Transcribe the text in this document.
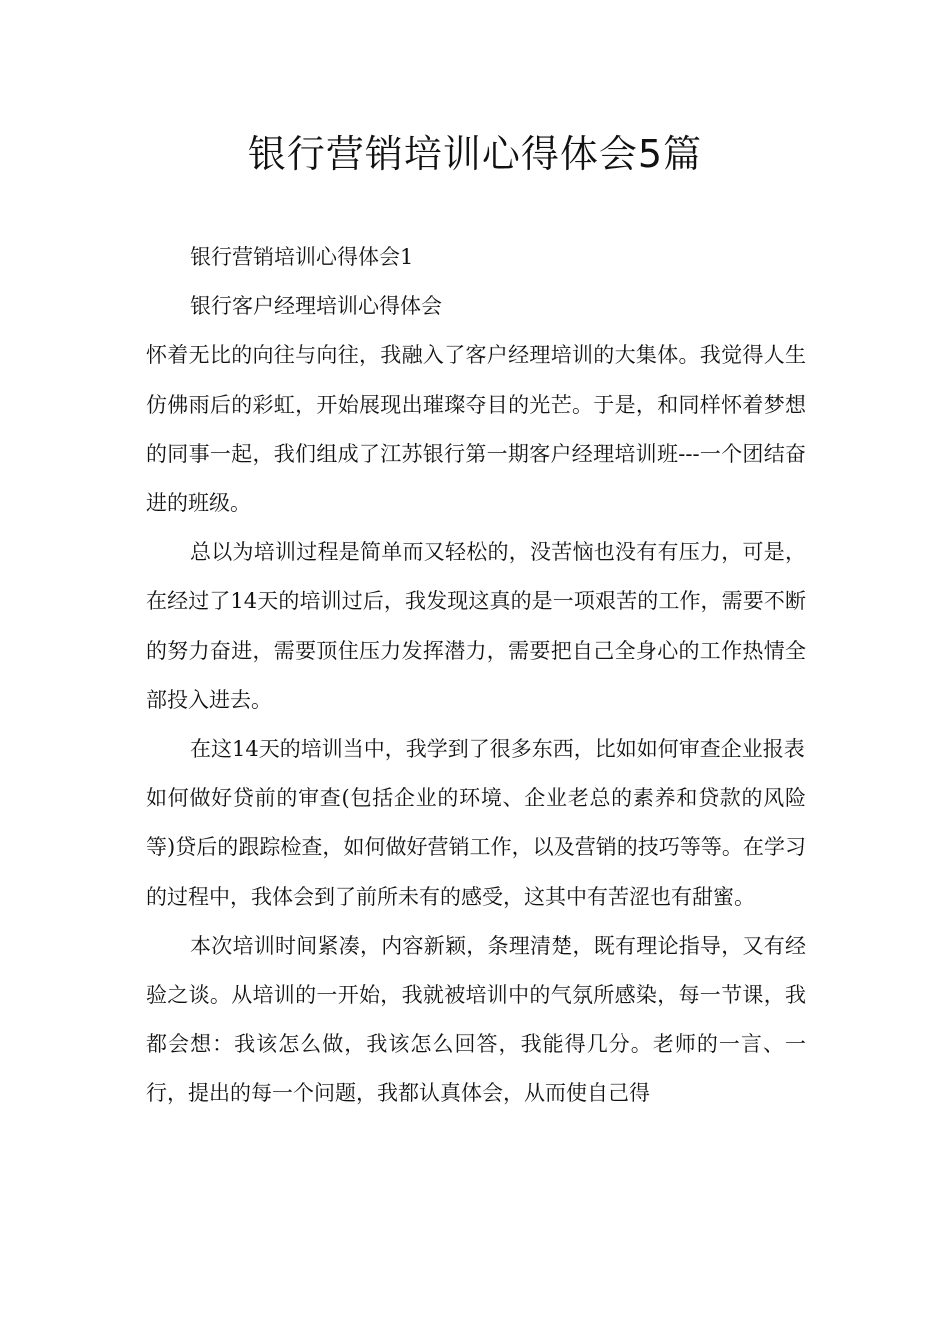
银行营销培训心得体会5篇

银行营销培训心得体会1

银行客户经理培训心得体会

怀着无比的向往与向往，我融入了客户经理培训的大集体。我觉得人生仿佛雨后的彩虹，开始展现出璀璨夺目的光芒。于是，和同样怀着梦想的同事一起，我们组成了江苏银行第一期客户经理培训班---一个团结奋进的班级。

总以为培训过程是简单而又轻松的，没苦恼也没有有压力，可是，在经过了14天的培训过后，我发现这真的是一项艰苦的工作，需要不断的努力奋进，需要顶住压力发挥潜力，需要把自己全身心的工作热情全部投入进去。

在这14天的培训当中，我学到了很多东西，比如如何审查企业报表

如何做好贷前的审查(包括企业的环境、企业老总的素养和贷款的风险等)贷后的跟踪检查，如何做好营销工作，以及营销的技巧等等。在学习的过程中，我体会到了前所未有的感受，这其中有苦涩也有甜蜜。

本次培训时间紧凑，内容新颖，条理清楚，既有理论指导，又有经验之谈。从培训的一开始，我就被培训中的气氛所感染，每一节课，我都会想：我该怎么做，我该怎么回答，我能得几分。老师的一言、一行，提出的每一个问题，我都认真体会，从而使自己得
